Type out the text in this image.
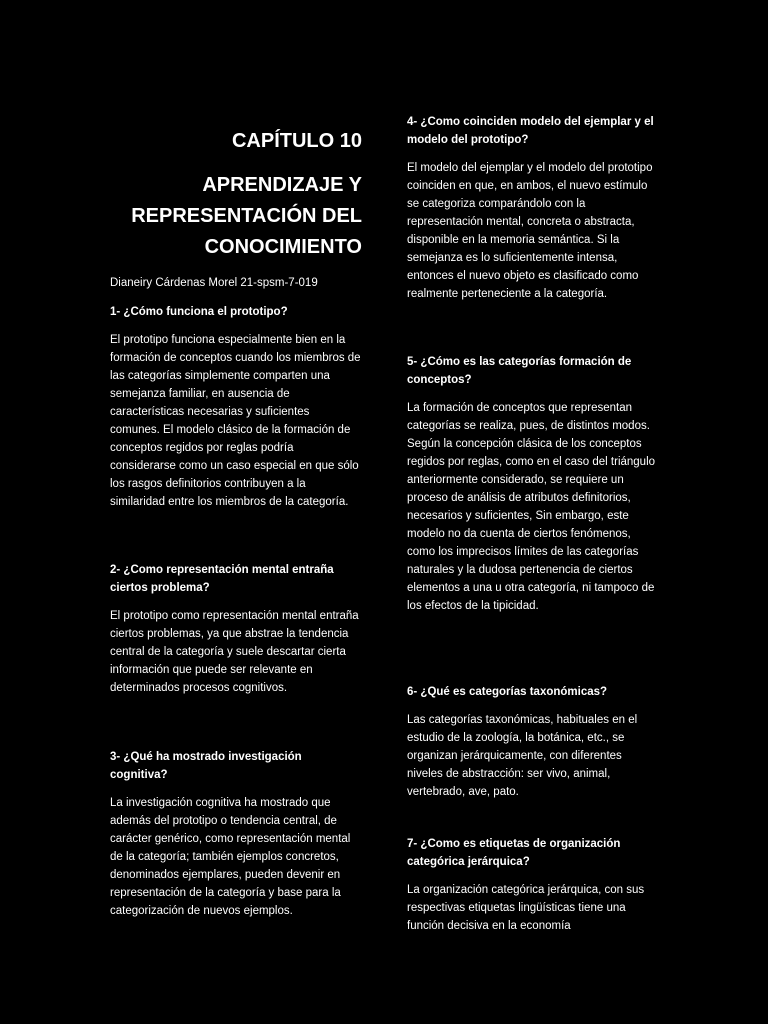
CAPÍTULO 10
APRENDIZAJE Y REPRESENTACIÓN DEL CONOCIMIENTO
Dianeiry Cárdenas Morel 21-spsm-7-019

1- ¿Cómo funciona el prototipo?

El prototipo funciona especialmente bien en la formación de conceptos cuando los miembros de las categorías simplemente comparten una semejanza familiar, en ausencia de características necesarias y suficientes comunes. El modelo clásico de la formación de conceptos regidos por reglas podría considerarse como un caso especial en que sólo los rasgos definitorios contribuyen a la similaridad entre los miembros de la categoría.

2- ¿Como representación mental entraña ciertos problema?

El prototipo como representación mental entraña ciertos problemas, ya que abstrae la tendencia central de la categoría y suele descartar cierta información que puede ser relevante en determinados procesos cognitivos.

3- ¿Qué ha mostrado investigación cognitiva?

La investigación cognitiva ha mostrado que además del prototipo o tendencia central, de carácter genérico, como representación mental de la categoría; también ejemplos concretos, denominados ejemplares, pueden devenir en representación de la categoría y base para la categorización de nuevos ejemplos.

4- ¿Como coinciden modelo del ejemplar y el modelo del prototipo?

El modelo del ejemplar y el modelo del prototipo coinciden en que, en ambos, el nuevo estímulo se categoriza comparándolo con la representación mental, concreta o abstracta, disponible en la memoria semántica. Si la semejanza es lo suficientemente intensa, entonces el nuevo objeto es clasificado como realmente perteneciente a la categoría.

5- ¿Cómo es las categorías formación de conceptos?

La formación de conceptos que representan categorías se realiza, pues, de distintos modos. Según la concepción clásica de los conceptos regidos por reglas, como en el caso del triángulo anteriormente considerado, se requiere un proceso de análisis de atributos definitorios, necesarios y suficientes, Sin embargo, este modelo no da cuenta de ciertos fenómenos, como los imprecisos límites de las categorías naturales y la dudosa pertenencia de ciertos elementos a una u otra categoría, ni tampoco de los efectos de la tipicidad.

6- ¿Qué es categorías taxonómicas?

Las categorías taxonómicas, habituales en el estudio de la zoología, la botánica, etc., se organizan jerárquicamente, con diferentes niveles de abstracción: ser vivo, animal, vertebrado, ave, pato.

7- ¿Como es etiquetas de organización categórica jerárquica?

La organización categórica jerárquica, con sus respectivas etiquetas lingüísticas tiene una función decisiva en la economía
